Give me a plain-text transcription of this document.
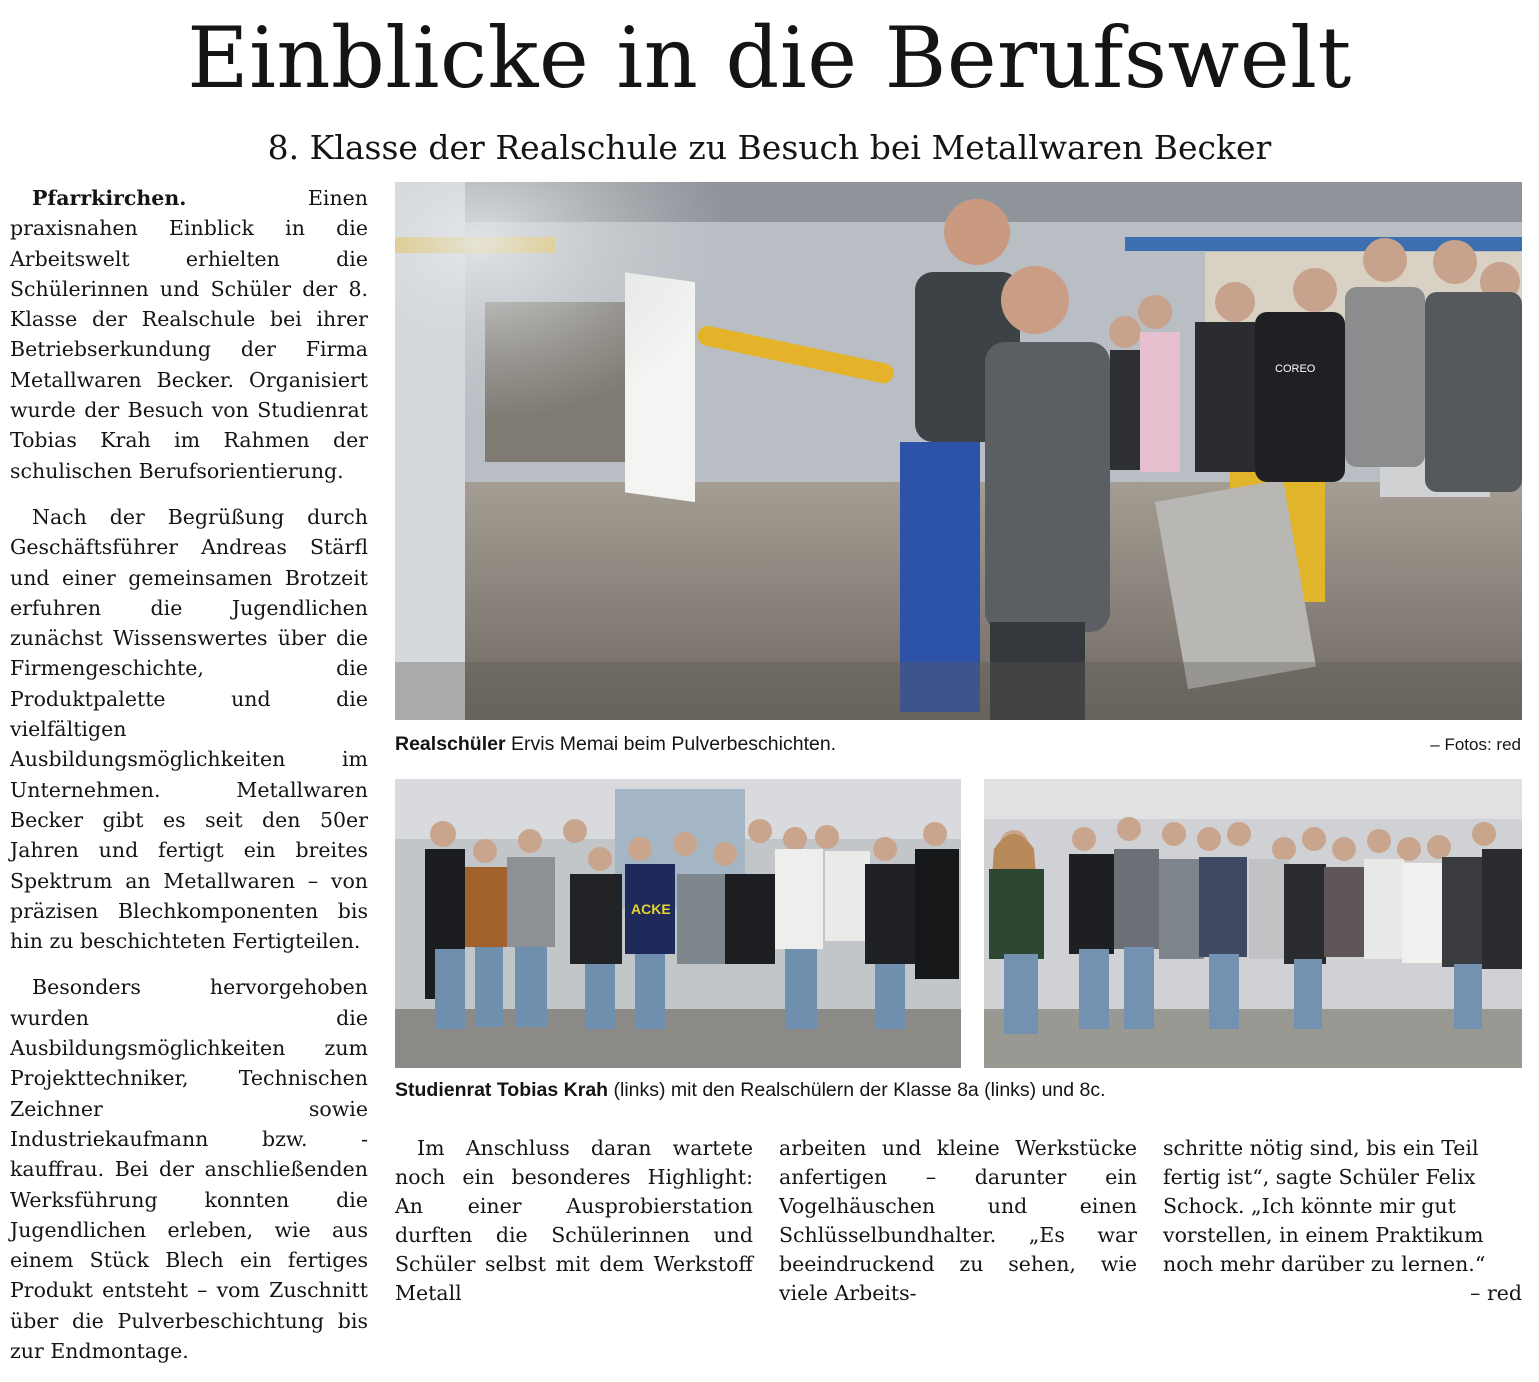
Einblicke in die Berufswelt
8. Klasse der Realschule zu Besuch bei Metallwaren Becker

Pfarrkirchen.	Einen praxisnahen Einblick in die Arbeitswelt erhielten die Schülerinnen und Schüler der 8. Klasse der Realschule bei ihrer Betriebserkundung der Firma Metallwaren Becker. Organisiert wurde der Besuch von Studienrat Tobias Krah im Rahmen der schulischen Berufsorientierung.

Nach der Begrüßung durch Geschäftsführer Andreas Stärfl und einer gemeinsamen Brotzeit erfuhren die Jugendlichen zunächst Wissenswertes über die Firmengeschichte, die Produktpalette und die vielfältigen Ausbildungsmöglichkeiten im Unternehmen. Metallwaren Becker gibt es seit den 50er Jahren und fertigt ein breites Spektrum an Metallwaren – von präzisen Blechkomponenten bis hin zu beschichteten Fertigteilen.

Besonders hervorgehoben wurden die Ausbildungsmöglichkeiten zum Projekttechniker, Technischen Zeichner sowie Industriekaufmann bzw. -kauffrau. Bei der anschließenden Werksführung konnten die Jugendlichen erleben, wie aus einem Stück Blech ein fertiges Produkt entsteht – vom Zuschnitt über die Pulverbeschichtung bis zur Endmontage.

COREO
Realschüler Ervis Memai beim Pulverbeschichten.	– Fotos: red
ACKE
Studienrat Tobias Krah (links) mit den Realschülern der Klasse 8a (links) und 8c.

Im Anschluss daran wartete noch ein besonderes Highlight: An einer Ausprobierstation durften die Schülerinnen und Schüler selbst mit dem Werkstoff Metall

arbeiten und kleine Werkstücke anfertigen – darunter ein Vogelhäuschen und einen Schlüsselbundhalter. „Es war beeindruckend zu sehen, wie viele Arbeits-

schritte nötig sind, bis ein Teil fertig ist“, sagte Schüler Felix Schock. „Ich könnte mir gut vorstellen, in einem Praktikum noch mehr darüber zu lernen.“
– red
